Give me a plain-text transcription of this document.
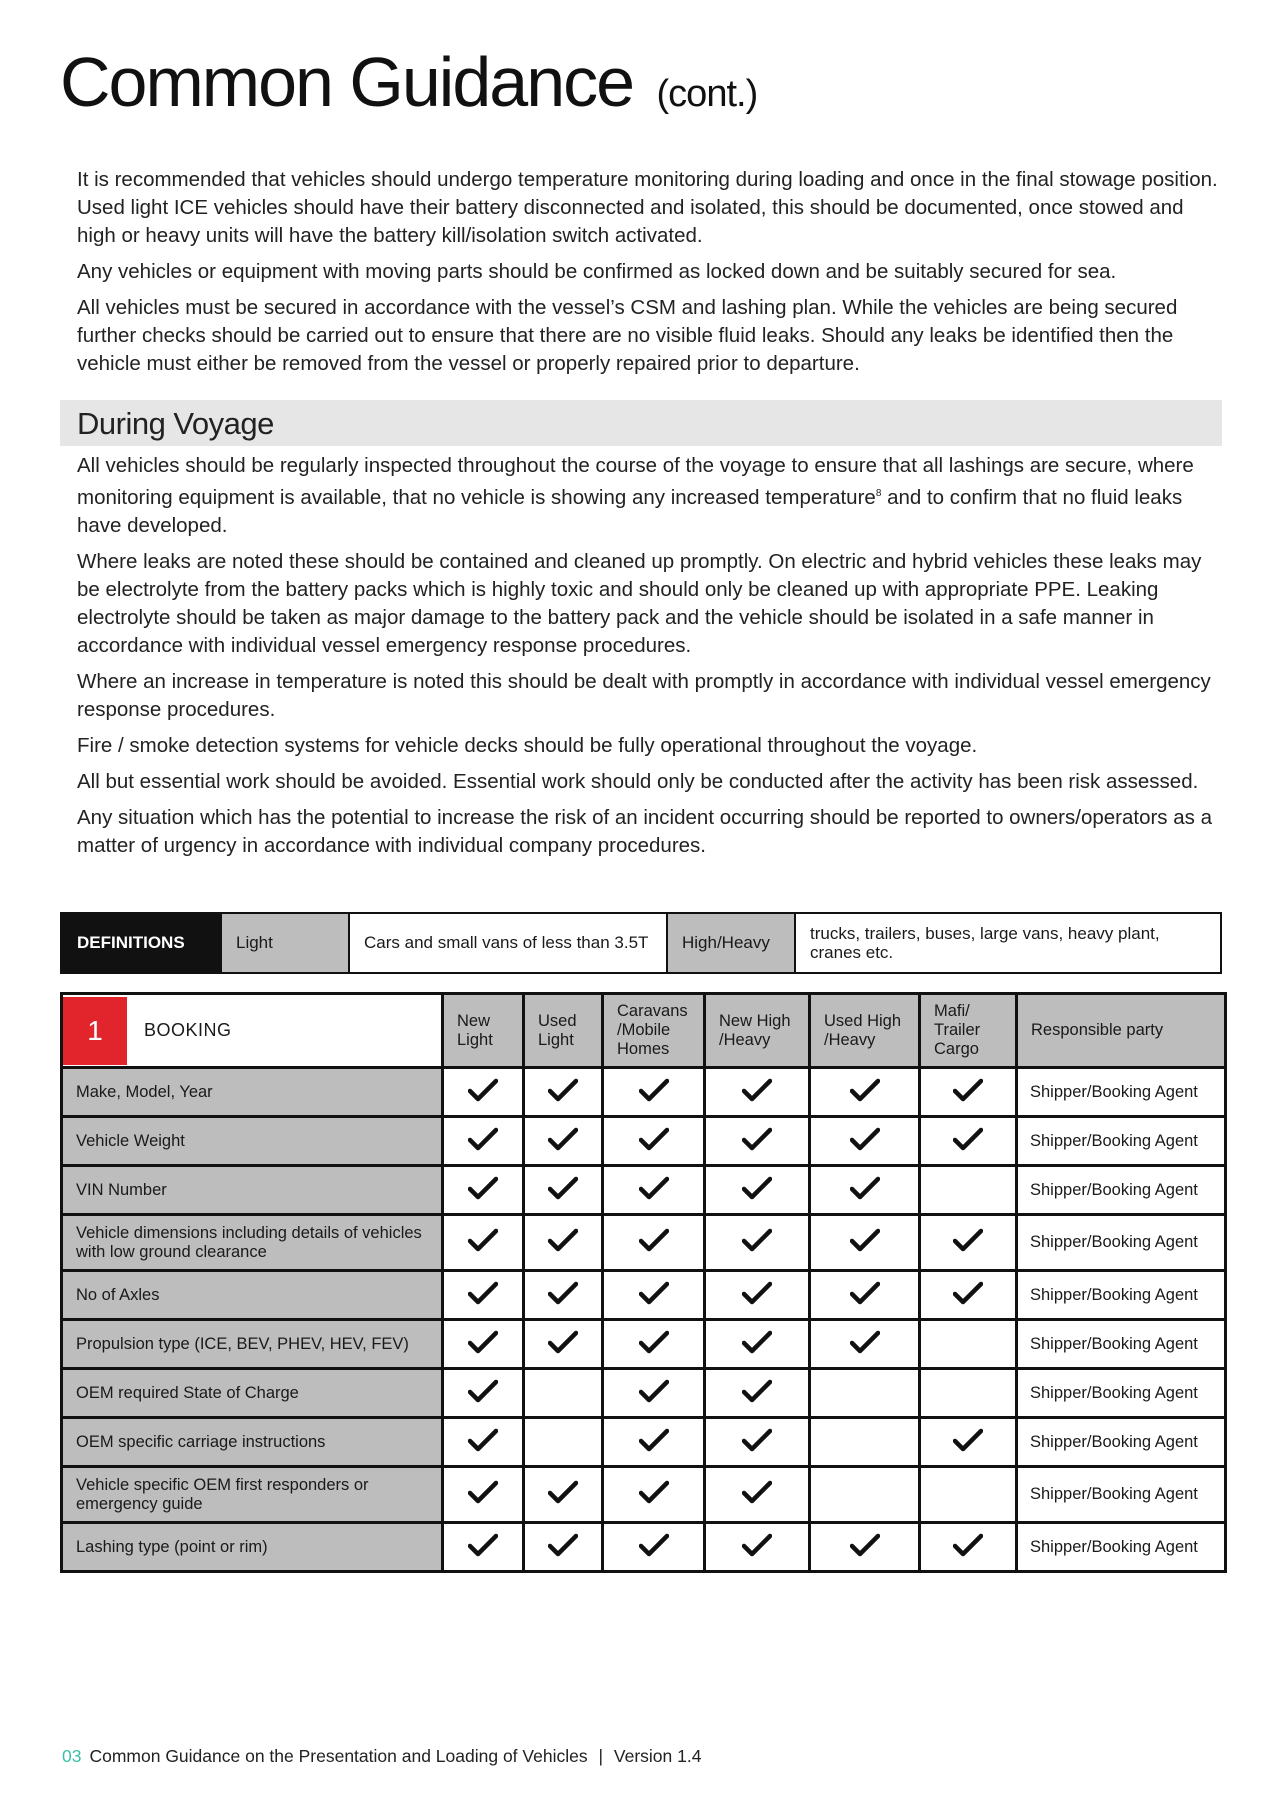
Common Guidance (cont.)

It is recommended that vehicles should undergo temperature monitoring during loading and once in the final stowage position. Used light ICE vehicles should have their battery disconnected and isolated, this should be documented, once stowed and high or heavy units will have the battery kill/isolation switch activated.

Any vehicles or equipment with moving parts should be confirmed as locked down and be suitably secured for sea.

All vehicles must be secured in accordance with the vessel’s CSM and lashing plan. While the vehicles are being secured further checks should be carried out to ensure that there are no visible fluid leaks. Should any leaks be identified then the vehicle must either be removed from the vessel or properly repaired prior to departure.

During Voyage

All vehicles should be regularly inspected throughout the course of the voyage to ensure that all lashings are secure, where monitoring equipment is available, that no vehicle is showing any increased temperature$^8$ and to confirm that no fluid leaks have developed.

Where leaks are noted these should be contained and cleaned up promptly. On electric and hybrid vehicles these leaks may be electrolyte from the battery packs which is highly toxic and should only be cleaned up with appropriate PPE. Leaking electrolyte should be taken as major damage to the battery pack and the vehicle should be isolated in a safe manner in accordance with individual vessel emergency response procedures.

Where an increase in temperature is noted this should be dealt with promptly in accordance with individual vessel emergency response procedures.

Fire / smoke detection systems for vehicle decks should be fully operational throughout the voyage.

All but essential work should be avoided. Essential work should only be conducted after the activity has been risk assessed.

Any situation which has the potential to increase the risk of an incident occurring should be reported to owners/operators as a matter of urgency in accordance with individual company procedures.

DEFINITIONS	Light	Cars and small vans of less than 3.5T	High/Heavy	trucks, trailers, buses, large vans, heavy plant, cranes etc.
1 BOOKING	New Light	Used Light	Caravans /Mobile Homes	New High /Heavy	Used High /Heavy	Mafi/ Trailer Cargo	Responsible party
Make, Model, Year							Shipper/Booking Agent
Vehicle Weight							Shipper/Booking Agent
VIN Number							Shipper/Booking Agent
Vehicle dimensions including details of vehicles with low ground clearance							Shipper/Booking Agent
No of Axles							Shipper/Booking Agent
Propulsion type (ICE, BEV, PHEV, HEV, FEV)							Shipper/Booking Agent
OEM required State of Charge							Shipper/Booking Agent
OEM specific carriage instructions							Shipper/Booking Agent
Vehicle specific OEM first responders or emergency guide							Shipper/Booking Agent
Lashing type (point or rim)							Shipper/Booking Agent
03 Common Guidance on the Presentation and Loading of Vehicles | Version 1.4
